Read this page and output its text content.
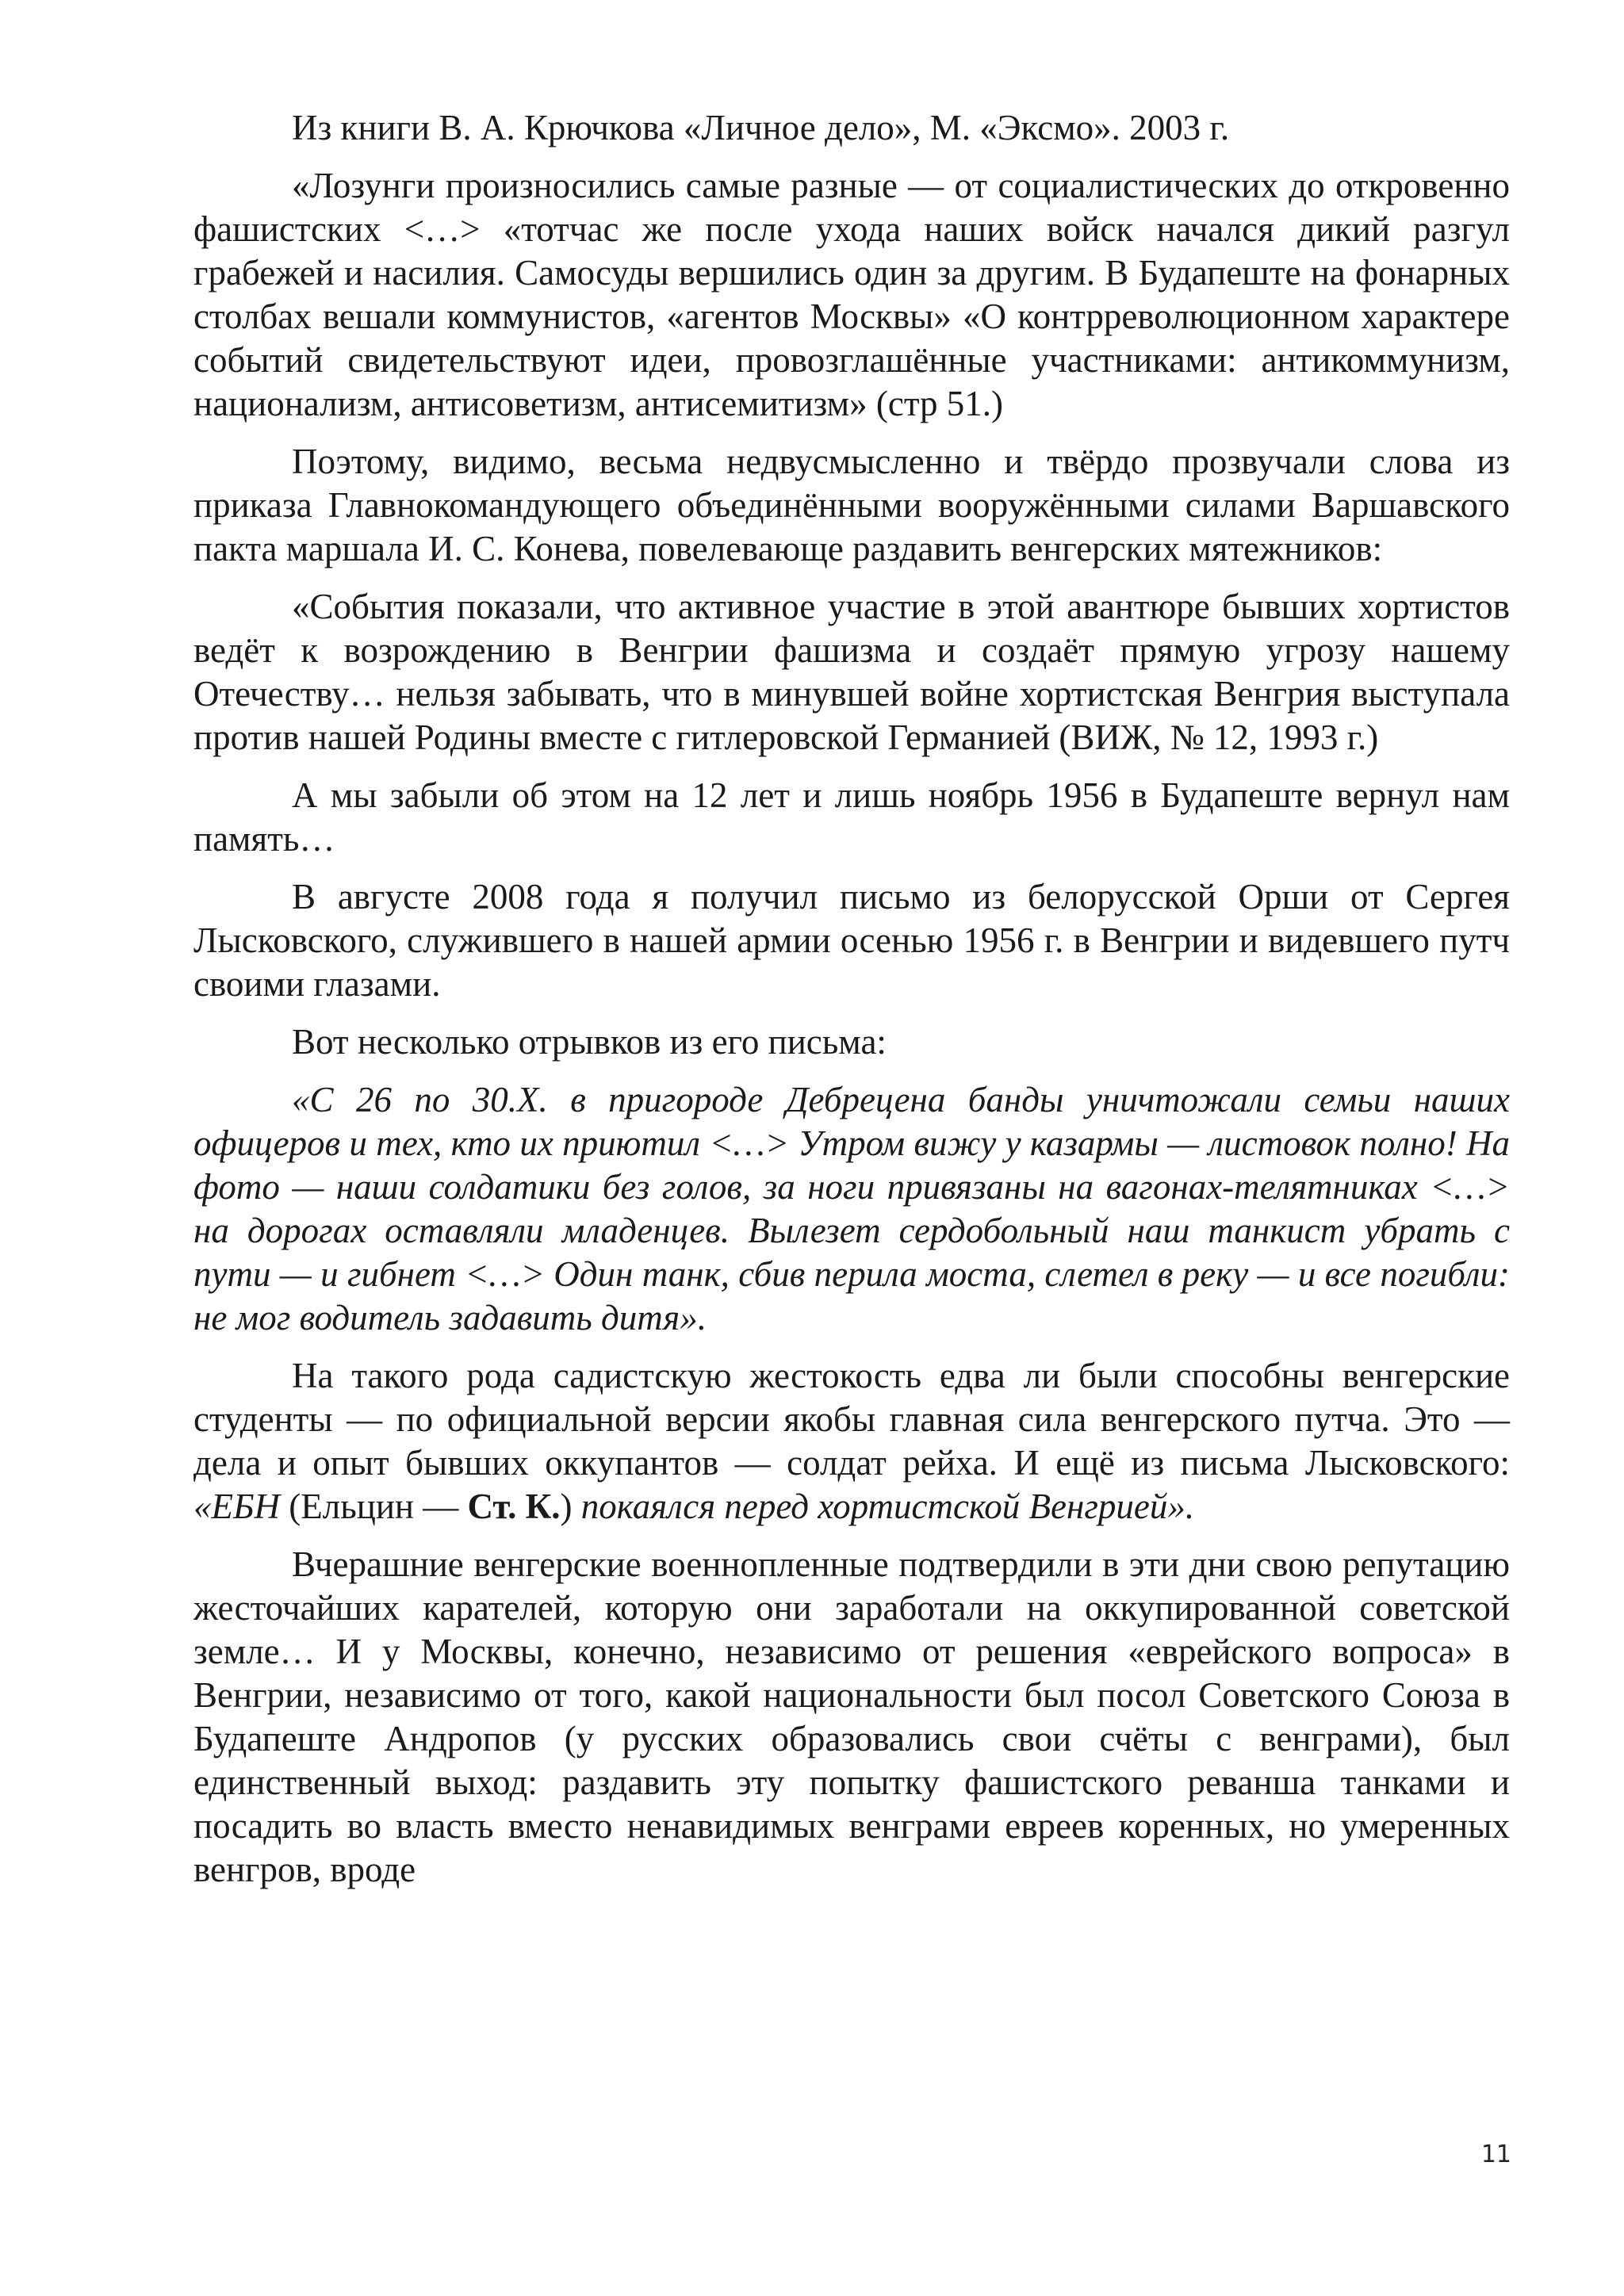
Из книги В. А. Крючкова «Личное дело», М. «Эксмо». 2003 г.

«Лозунги произносились самые разные — от социалистических до откровенно фашистских <…> «тотчас же после ухода наших войск начался дикий разгул грабежей и насилия. Самосуды вершились один за другим. В Будапеште на фонарных столбах вешали коммунистов, «агентов Москвы» «О контрреволюционном характере событий свидетельствуют идеи, провозглашённые участниками: антикоммунизм, национализм, антисоветизм, антисемитизм» (стр 51.)

Поэтому, видимо, весьма недвусмысленно и твёрдо прозвучали слова из приказа Главнокомандующего объединёнными вооружёнными силами Варшавского пакта маршала И. С. Конева, повелевающе раздавить венгерских мятежников:

«События показали, что активное участие в этой авантюре бывших хортистов ведёт к возрождению в Венгрии фашизма и создаёт прямую угрозу нашему Отечеству… нельзя забывать, что в минувшей войне хортистская Венгрия выступала против нашей Родины вместе с гитлеровской Германией (ВИЖ, № 12, 1993 г.)

А мы забыли об этом на 12 лет и лишь ноябрь 1956 в Будапеште вернул нам память…

В августе 2008 года я получил письмо из белорусской Орши от Сергея Лысковского, служившего в нашей армии осенью 1956 г. в Венгрии и видевшего путч своими глазами.

Вот несколько отрывков из его письма:

«С 26 по 30.Х. в пригороде Дебрецена банды уничтожали семьи наших офицеров и тех, кто их приютил <…> Утром вижу у казармы — листовок полно! На фото — наши солдатики без голов, за ноги привязаны на вагонах-телятниках <…> на дорогах оставляли младенцев. Вылезет сердобольный наш танкист убрать с пути — и гибнет <…> Один танк, сбив перила моста, слетел в реку — и все погибли: не мог водитель задавить дитя».

На такого рода садистскую жестокость едва ли были способны венгерские студенты — по официальной версии якобы главная сила венгерского путча. Это — дела и опыт бывших оккупантов — солдат рейха. И ещё из письма Лысковского: «ЕБН (Ельцин — Ст. К.) покаялся перед хортистской Венгрией».

Вчерашние венгерские военнопленные подтвердили в эти дни свою репутацию жесточайших карателей, которую они заработали на оккупированной советской земле… И у Москвы, конечно, независимо от решения «еврейского вопроса» в Венгрии, независимо от того, какой национальности был посол Советского Союза в Будапеште Андропов (у русских образовались свои счёты с венграми), был единственный выход: раздавить эту попытку фашистского реванша танками и посадить во власть вместо ненавидимых венграми евреев коренных, но умеренных венгров, вроде

11
